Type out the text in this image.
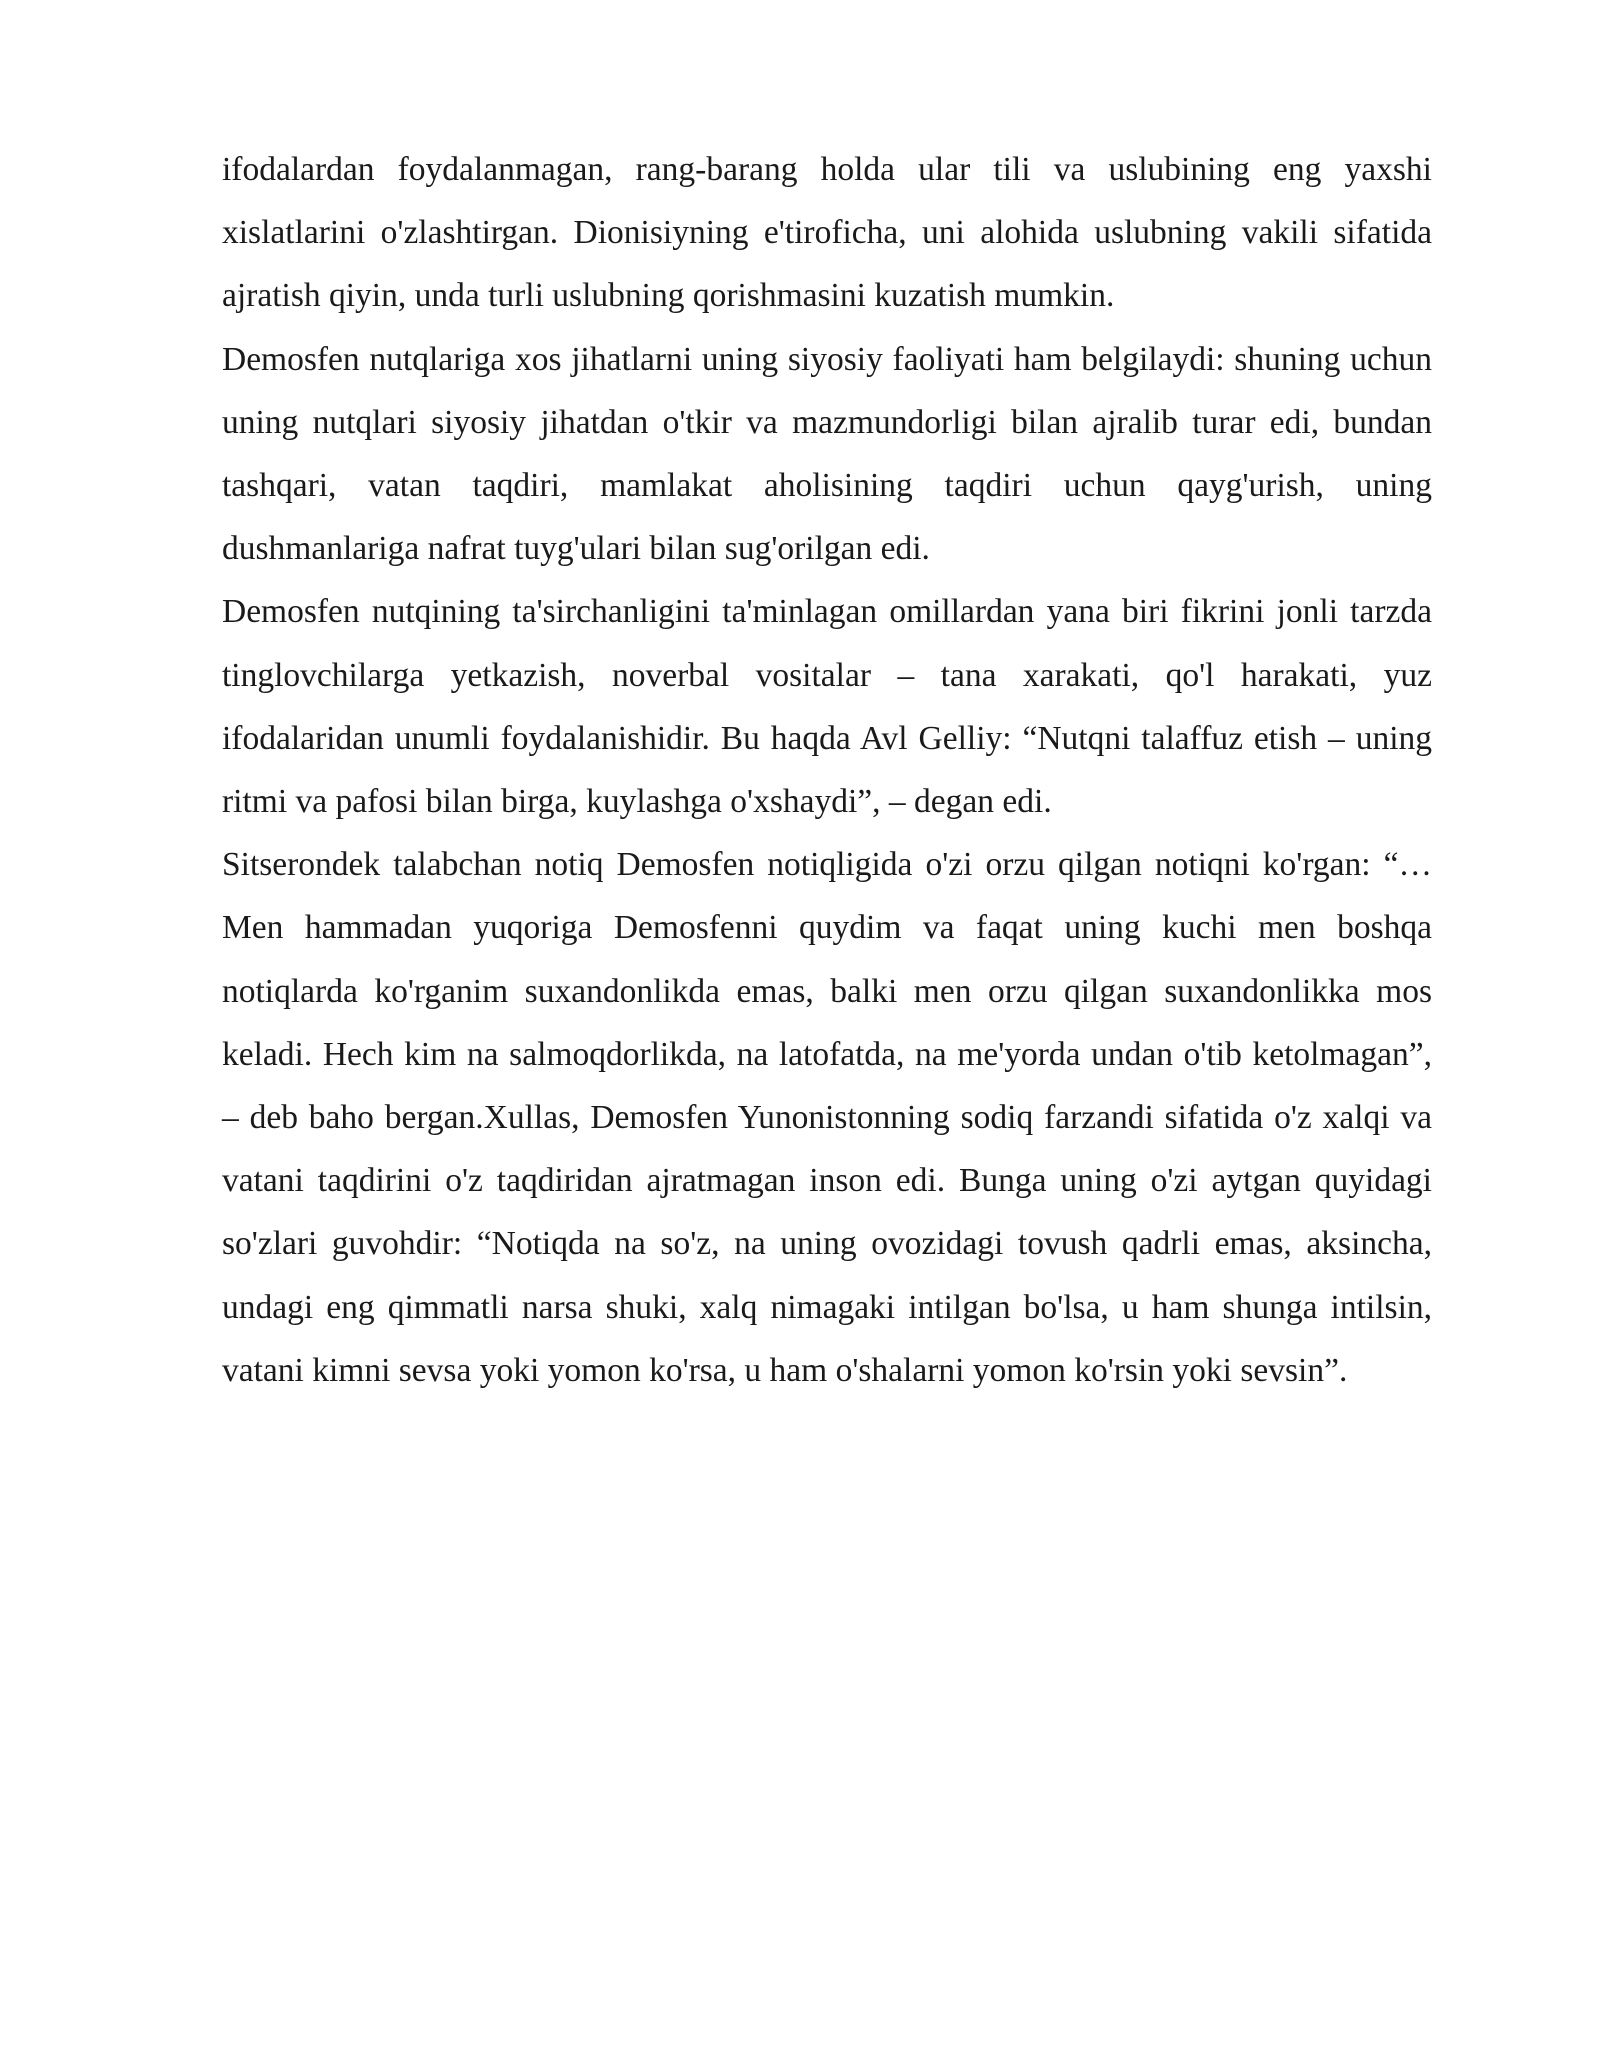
ifodalardan foydalanmagan, rang-barang holda ular tili va uslubining eng yaxshi xislatlarini o'zlashtirgan. Dionisiyning e'tiroficha, uni alohida uslubning vakili sifatida ajratish qiyin, unda turli uslubning qorishmasini kuzatish mumkin.

Demosfen nutqlariga xos jihatlarni uning siyosiy faoliyati ham belgilaydi: shuning uchun uning nutqlari siyosiy jihatdan o'tkir va mazmundorligi bilan ajralib turar edi, bundan tashqari, vatan taqdiri, mamlakat aholisining taqdiri uchun qayg'urish, uning dushmanlariga nafrat tuyg'ulari bilan sug'orilgan edi.

Demosfen nutqining ta'sirchanligini ta'minlagan omillardan yana biri fikrini jonli tarzda tinglovchilarga yetkazish, noverbal vositalar – tana xarakati, qo'l harakati, yuz ifodalaridan unumli foydalanishidir. Bu haqda Avl Gelliy: “Nutqni talaffuz etish – uning ritmi va pafosi bilan birga, kuylashga o'xshaydi”, – degan edi.

Sitserondek talabchan notiq Demosfen notiqligida o'zi orzu qilgan notiqni ko'rgan: “…Men hammadan yuqoriga Demosfenni quydim va faqat uning kuchi men boshqa notiqlarda ko'rganim suxandonlikda emas, balki men orzu qilgan suxandonlikka mos keladi. Hech kim na salmoqdorlikda, na latofatda, na me'yorda undan o'tib ketolmagan”, – deb baho bergan.Xullas, Demosfen Yunonistonning sodiq farzandi sifatida o'z xalqi va vatani taqdirini o'z taqdiridan ajratmagan inson edi. Bunga uning o'zi aytgan quyidagi so'zlari guvohdir: “Notiqda na so'z, na uning ovozidagi tovush qadrli emas, aksincha, undagi eng qimmatli narsa shuki, xalq nimagaki intilgan bo'lsa, u ham shunga intilsin, vatani kimni sevsa yoki yomon ko'rsa, u ham o'shalarni yomon ko'rsin yoki sevsin”.
